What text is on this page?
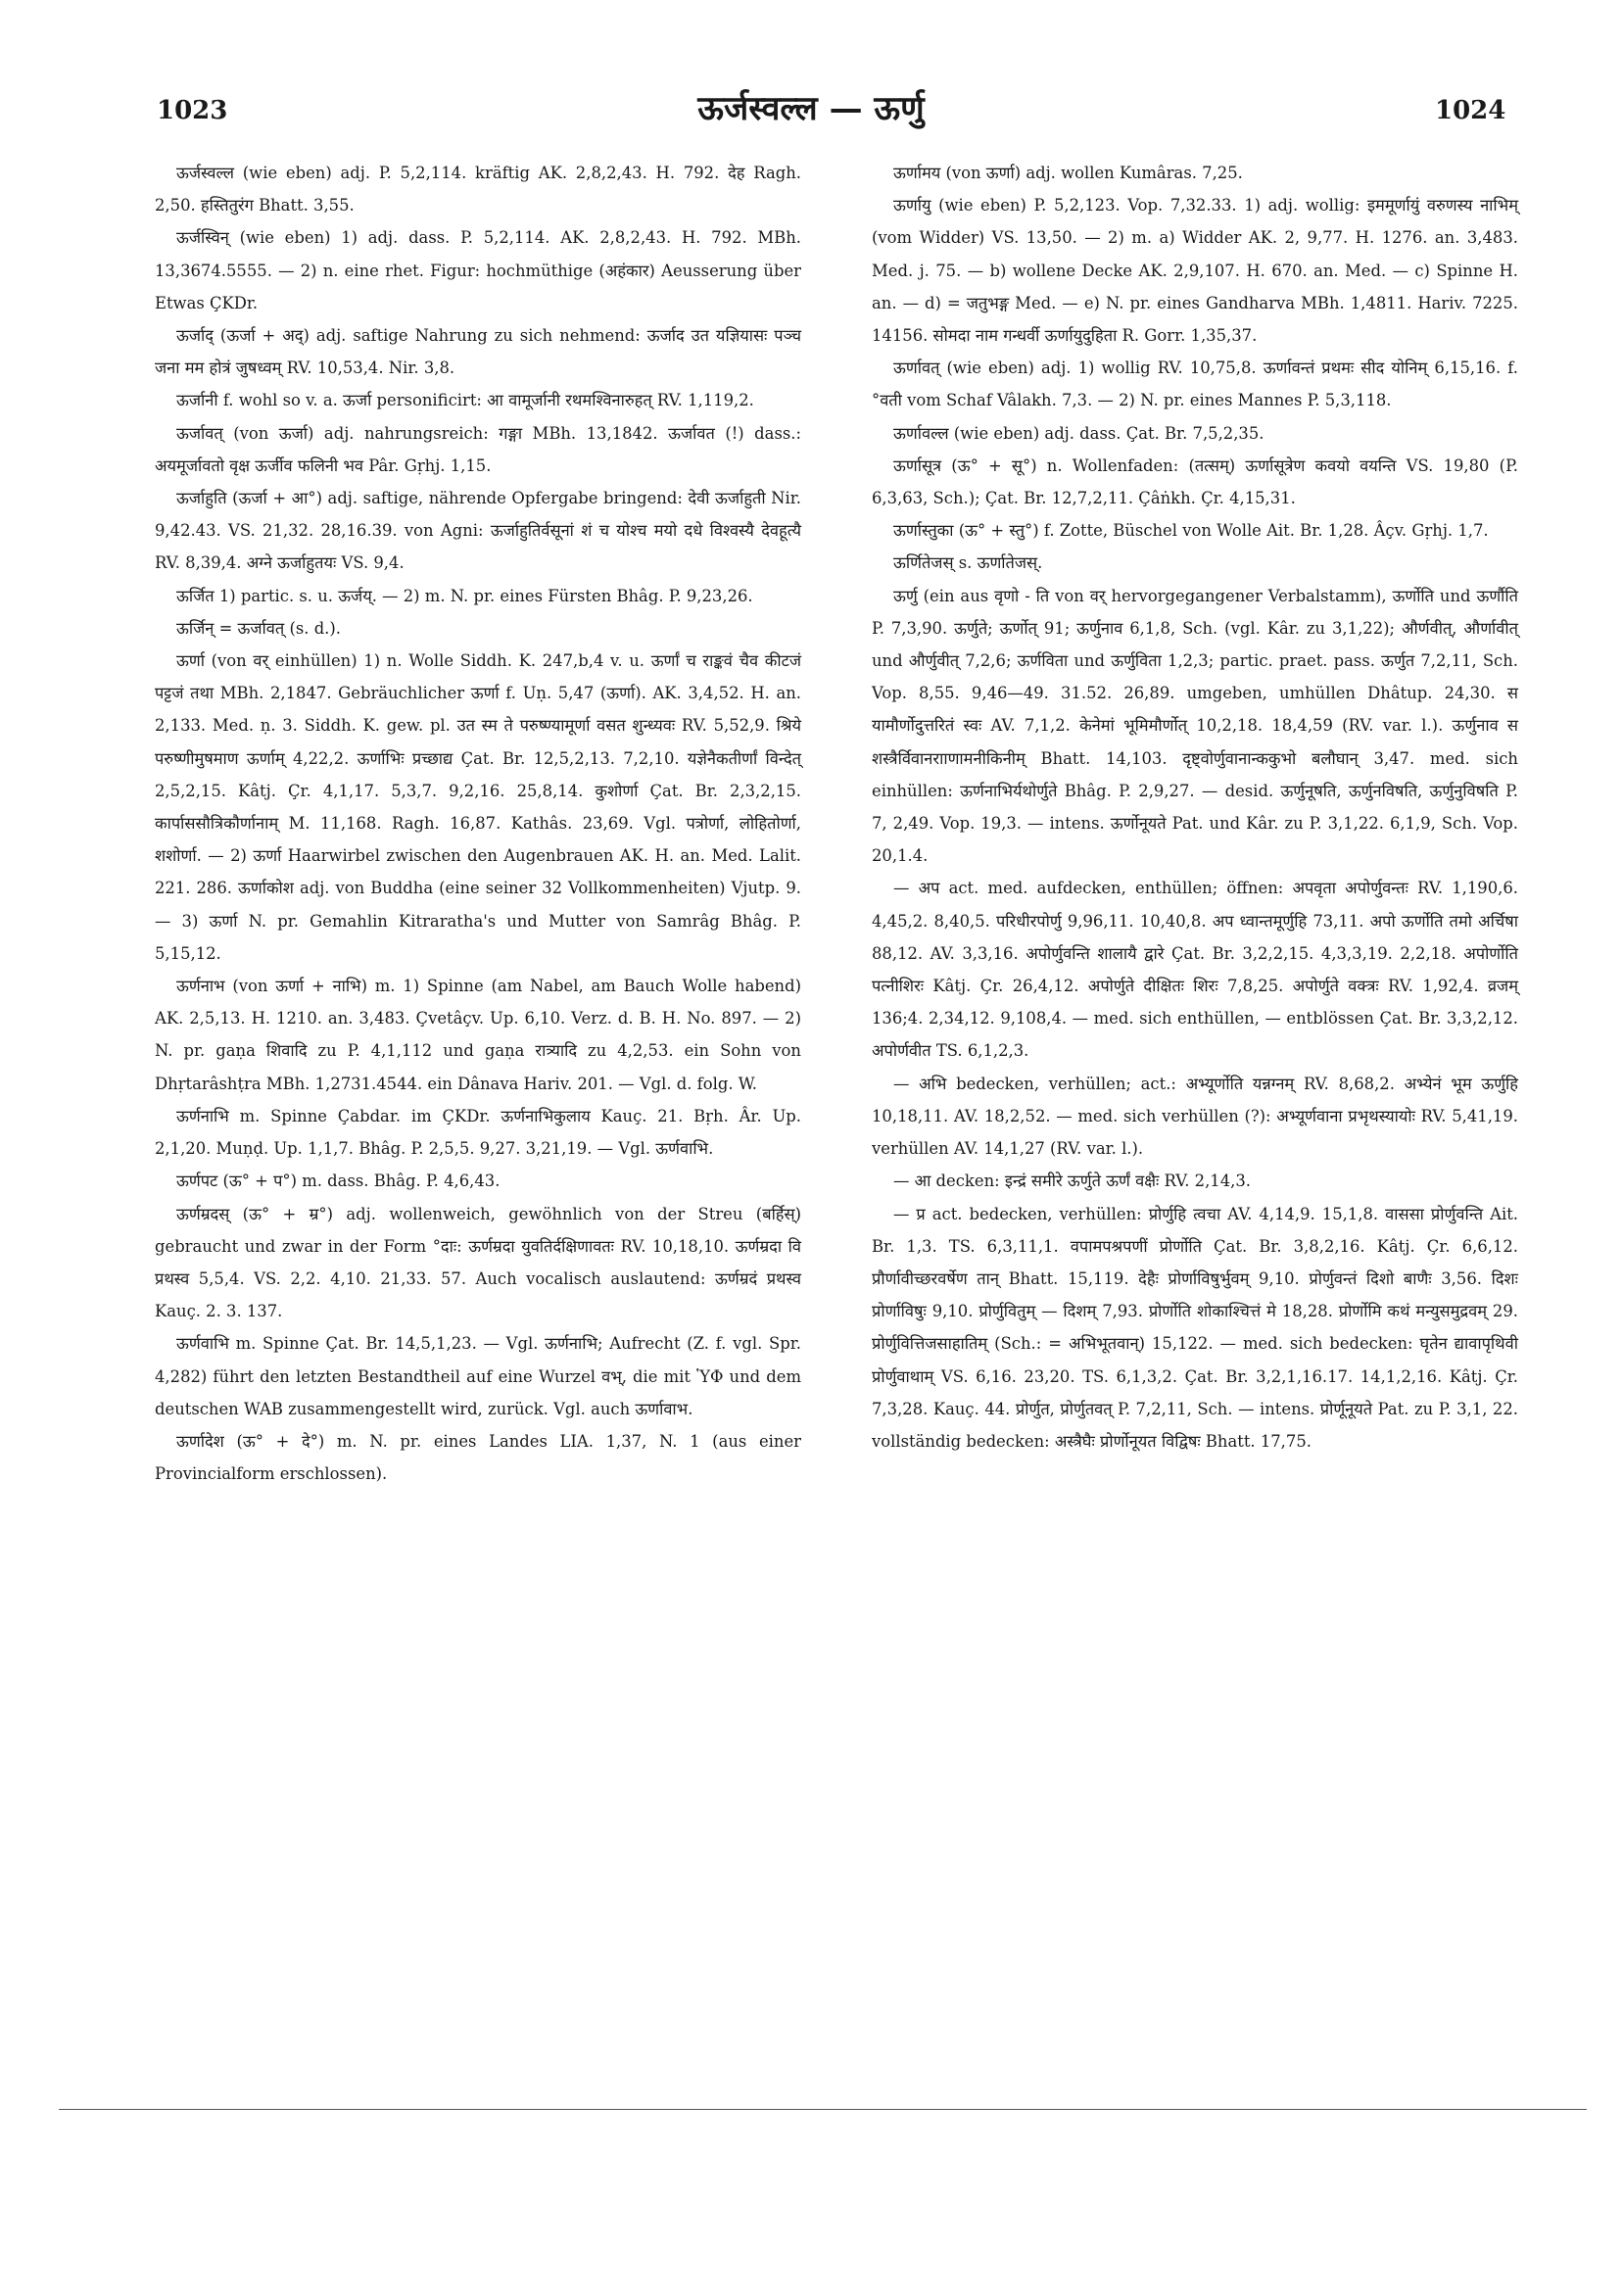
1023	ऊर्जस्वल्ल — ऊर्णु	1024

ऊर्जस्वल्ल (wie eben) adj. P. 5,2,114. kräftig AK. 2,8,2,43. H. 792. देह Ragh. 2,50. हस्तितुरंग Bhatt. 3,55.

ऊर्जस्विन् (wie eben) 1) adj. dass. P. 5,2,114. AK. 2,8,2,43. H. 792. MBh. 13,3674.5555. — 2) n. eine rhet. Figur: hochmüthige (अहंकार) Aeusserung über Etwas ÇKDr.

ऊर्जाद् (ऊर्जा + अद्) adj. saftige Nahrung zu sich nehmend: ऊर्जाद उत यज्ञियासः पञ्च जना मम होत्रं जुषध्वम् RV. 10,53,4. Nir. 3,8.

ऊर्जानी f. wohl so v. a. ऊर्जा personificirt: आ वामूर्जानी रथमश्विनारुहत् RV. 1,119,2.

ऊर्जावत् (von ऊर्जा) adj. nahrungsreich: गङ्गा MBh. 13,1842. ऊर्जावत (!) dass.: अयमूर्जावतो वृक्ष ऊर्जीव फलिनी भव Pâr. Gṛhj. 1,15.

ऊर्जाहुति (ऊर्जा + आ°) adj. saftige, nährende Opfergabe bringend: देवी ऊर्जाहुती Nir. 9,42.43. VS. 21,32. 28,16.39. von Agni: ऊर्जाहुतिर्वसूनां शं च योश्च मयो दधे विश्वस्यै देवहूत्यै RV. 8,39,4. अग्ने ऊर्जाहुतयः VS. 9,4.

ऊर्जित 1) partic. s. u. ऊर्जय्. — 2) m. N. pr. eines Fürsten Bhâg. P. 9,23,26.

ऊर्जिन् = ऊर्जावत् (s. d.).

ऊर्णा (von वर् einhüllen) 1) n. Wolle Siddh. K. 247,b,4 v. u. ऊर्णां च राङ्कवं चैव कीटजं पट्टजं तथा MBh. 2,1847. Gebräuchlicher ऊर्णा f. Uṇ. 5,47 (ऊर्णा). AK. 3,4,52. H. an. 2,133. Med. ṇ. 3. Siddh. K. gew. pl. उत स्म ते परुष्ण्यामूर्णा वसत शुन्ध्यवः RV. 5,52,9. श्रिये परुष्णीमुषमाण ऊर्णाम् 4,22,2. ऊर्णाभिः प्रच्छाद्य Çat. Br. 12,5,2,13. 7,2,10. यज्ञेनैकतीर्णां विन्देत् 2,5,2,15. Kâtj. Çr. 4,1,17. 5,3,7. 9,2,16. 25,8,14. कुशोर्णा Çat. Br. 2,3,2,15. कार्पाससौत्रिकौर्णानाम् M. 11,168. Ragh. 16,87. Kathâs. 23,69. Vgl. पत्रोर्णा, लोहितोर्णा, शशोर्णा. — 2) ऊर्णा Haarwirbel zwischen den Augenbrauen AK. H. an. Med. Lalit. 221. 286. ऊर्णाकोश adj. von Buddha (eine seiner 32 Vollkommenheiten) Vjutp. 9. — 3) ऊर्णा N. pr. Gemahlin Kitraratha's und Mutter von Samrâg Bhâg. P. 5,15,12.

ऊर्णनाभ (von ऊर्णा + नाभि) m. 1) Spinne (am Nabel, am Bauch Wolle habend) AK. 2,5,13. H. 1210. an. 3,483. Çvetâçv. Up. 6,10. Verz. d. B. H. No. 897. — 2) N. pr. gaṇa शिवादि zu P. 4,1,112 und gaṇa रात्र्यादि zu 4,2,53. ein Sohn von Dhṛtarâshṭra MBh. 1,2731.4544. ein Dânava Hariv. 201. — Vgl. d. folg. W.

ऊर्णनाभि m. Spinne Çabdar. im ÇKDr. ऊर्णनाभिकुलाय Kauç. 21. Bṛh. Âr. Up. 2,1,20. Muṇḍ. Up. 1,1,7. Bhâg. P. 2,5,5. 9,27. 3,21,19. — Vgl. ऊर्णवाभि.

ऊर्णपट (ऊ° + प°) m. dass. Bhâg. P. 4,6,43.

ऊर्णम्रदस् (ऊ° + म्र°) adj. wollenweich, gewöhnlich von der Streu (बर्हिस्) gebraucht und zwar in der Form °दाः: ऊर्णम्रदा युवतिर्दक्षिणावतः RV. 10,18,10. ऊर्णम्रदा वि प्रथस्व 5,5,4. VS. 2,2. 4,10. 21,33. 57. Auch vocalisch auslautend: ऊर्णम्रदं प्रथस्व Kauç. 2. 3. 137.

ऊर्णवाभि m. Spinne Çat. Br. 14,5,1,23. — Vgl. ऊर्णनाभि; Aufrecht (Z. f. vgl. Spr. 4,282) führt den letzten Bestandtheil auf eine Wurzel वभ्, die mit ὙΦ und dem deutschen WAB zusammengestellt wird, zurück. Vgl. auch ऊर्णावाभ.

ऊर्णादेश (ऊ° + दे°) m. N. pr. eines Landes LIA. 1,37, N. 1 (aus einer Provincialform erschlossen).

ऊर्णामय (von ऊर्णा) adj. wollen Kumâras. 7,25.

ऊर्णायु (wie eben) P. 5,2,123. Vop. 7,32.33. 1) adj. wollig: इममूर्णायुं वरुणस्य नाभिम् (vom Widder) VS. 13,50. — 2) m. a) Widder AK. 2, 9,77. H. 1276. an. 3,483. Med. j. 75. — b) wollene Decke AK. 2,9,107. H. 670. an. Med. — c) Spinne H. an. — d) = जतुभङ्ग Med. — e) N. pr. eines Gandharva MBh. 1,4811. Hariv. 7225. 14156. सोमदा नाम गन्धर्वी ऊर्णायुदुहिता R. Gorr. 1,35,37.

ऊर्णावत् (wie eben) adj. 1) wollig RV. 10,75,8. ऊर्णावन्तं प्रथमः सीद योनिम् 6,15,16. f. °वती vom Schaf Vâlakh. 7,3. — 2) N. pr. eines Mannes P. 5,3,118.

ऊर्णावल्ल (wie eben) adj. dass. Çat. Br. 7,5,2,35.

ऊर्णासूत्र (ऊ° + सू°) n. Wollenfaden: (तत्सम्) ऊर्णासूत्रेण कवयो वयन्ति VS. 19,80 (P. 6,3,63, Sch.); Çat. Br. 12,7,2,11. Çâṅkh. Çr. 4,15,31.

ऊर्णास्तुका (ऊ° + स्तु°) f. Zotte, Büschel von Wolle Ait. Br. 1,28. Âçv. Gṛhj. 1,7.

ऊर्णितेजस् s. ऊर्णातेजस्.

ऊर्णु (ein aus वृणो - ति von वर् hervorgegangener Verbalstamm), ऊर्णोति und ऊर्णौति P. 7,3,90. ऊर्णुते; ऊर्णोत् 91; ऊर्णुनाव 6,1,8, Sch. (vgl. Kâr. zu 3,1,22); और्णवीत्, और्णावीत् und और्णुवीत् 7,2,6; ऊर्णविता und ऊर्णुविता 1,2,3; partic. praet. pass. ऊर्णुत 7,2,11, Sch. Vop. 8,55. 9,46—49. 31.52. 26,89. umgeben, umhüllen Dhâtup. 24,30. स यामौर्णोदुत्तरितं स्वः AV. 7,1,2. केनेमां भूमिमौर्णोत् 10,2,18. 18,4,59 (RV. var. l.). ऊर्णुनाव स शस्त्रैर्विवानरााणामनीकिनीम् Bhatt. 14,103. दृष्ट्वोर्णुवानान्ककुभो बलौघान् 3,47. med. sich einhüllen: ऊर्णनाभिर्यथोर्णुते Bhâg. P. 2,9,27. — desid. ऊर्णुनूषति, ऊर्णुनविषति, ऊर्णुनुविषति P. 7, 2,49. Vop. 19,3. — intens. ऊर्णोनूयते Pat. und Kâr. zu P. 3,1,22. 6,1,9, Sch. Vop. 20,1.4.

— अप act. med. aufdecken, enthüllen; öffnen: अपवृता अपोर्णुवन्तः RV. 1,190,6. 4,45,2. 8,40,5. परिधीरपोर्णु 9,96,11. 10,40,8. अप ध्वान्तमूर्णुहि 73,11. अपो ऊर्णोति तमो अर्चिषा 88,12. AV. 3,3,16. अपोर्णुवन्ति शालायै द्वारे Çat. Br. 3,2,2,15. 4,3,3,19. 2,2,18. अपोर्णोति पत्नीशिरः Kâtj. Çr. 26,4,12. अपोर्णुते दीक्षितः शिरः 7,8,25. अपोर्णुते वक्त्रः RV. 1,92,4. व्रजम् 136;4. 2,34,12. 9,108,4. — med. sich enthüllen, — entblössen Çat. Br. 3,3,2,12. अपोर्णवीत TS. 6,1,2,3.

— अभि bedecken, verhüllen; act.: अभ्यूर्णोति यन्नग्नम् RV. 8,68,2. अभ्येनं भूम ऊर्णुहि 10,18,11. AV. 18,2,52. — med. sich verhüllen (?): अभ्यूर्णवाना प्रभृथस्यायोः RV. 5,41,19. verhüllen AV. 14,1,27 (RV. var. l.).

— आ decken: इन्द्रं समीरे ऊर्णुते ऊर्णं वक्षैः RV. 2,14,3.

— प्र act. bedecken, verhüllen: प्रोर्णुहि त्वचा AV. 4,14,9. 15,1,8. वाससा प्रोर्णुवन्ति Ait. Br. 1,3. TS. 6,3,11,1. वपामपश्रपणीं प्रोर्णोति Çat. Br. 3,8,2,16. Kâtj. Çr. 6,6,12. प्रौर्णावीच्छरवर्षेण तान् Bhatt. 15,119. देहैः प्रोर्णाविषुर्भुवम् 9,10. प्रोर्णुवन्तं दिशो बाणैः 3,56. दिशः प्रोर्णाविषुः 9,10. प्रोर्णुवितुम् — दिशम् 7,93. प्रोर्णोति शोकाश्चित्तं मे 18,28. प्रोर्णोमि कथं मन्युसमुद्रवम् 29. प्रोर्णुवित्तिजसाहातिम् (Sch.: = अभिभूतवान्) 15,122. — med. sich bedecken: घृतेन द्यावापृथिवी प्रोर्णुवाथाम् VS. 6,16. 23,20. TS. 6,1,3,2. Çat. Br. 3,2,1,16.17. 14,1,2,16. Kâtj. Çr. 7,3,28. Kauç. 44. प्रोर्णुत, प्रोर्णुतवत् P. 7,2,11, Sch. — intens. प्रोर्णूनूयते Pat. zu P. 3,1, 22. vollständig bedecken: अस्त्रैघैः प्रोर्णोनूयत विद्विषः Bhatt. 17,75.
